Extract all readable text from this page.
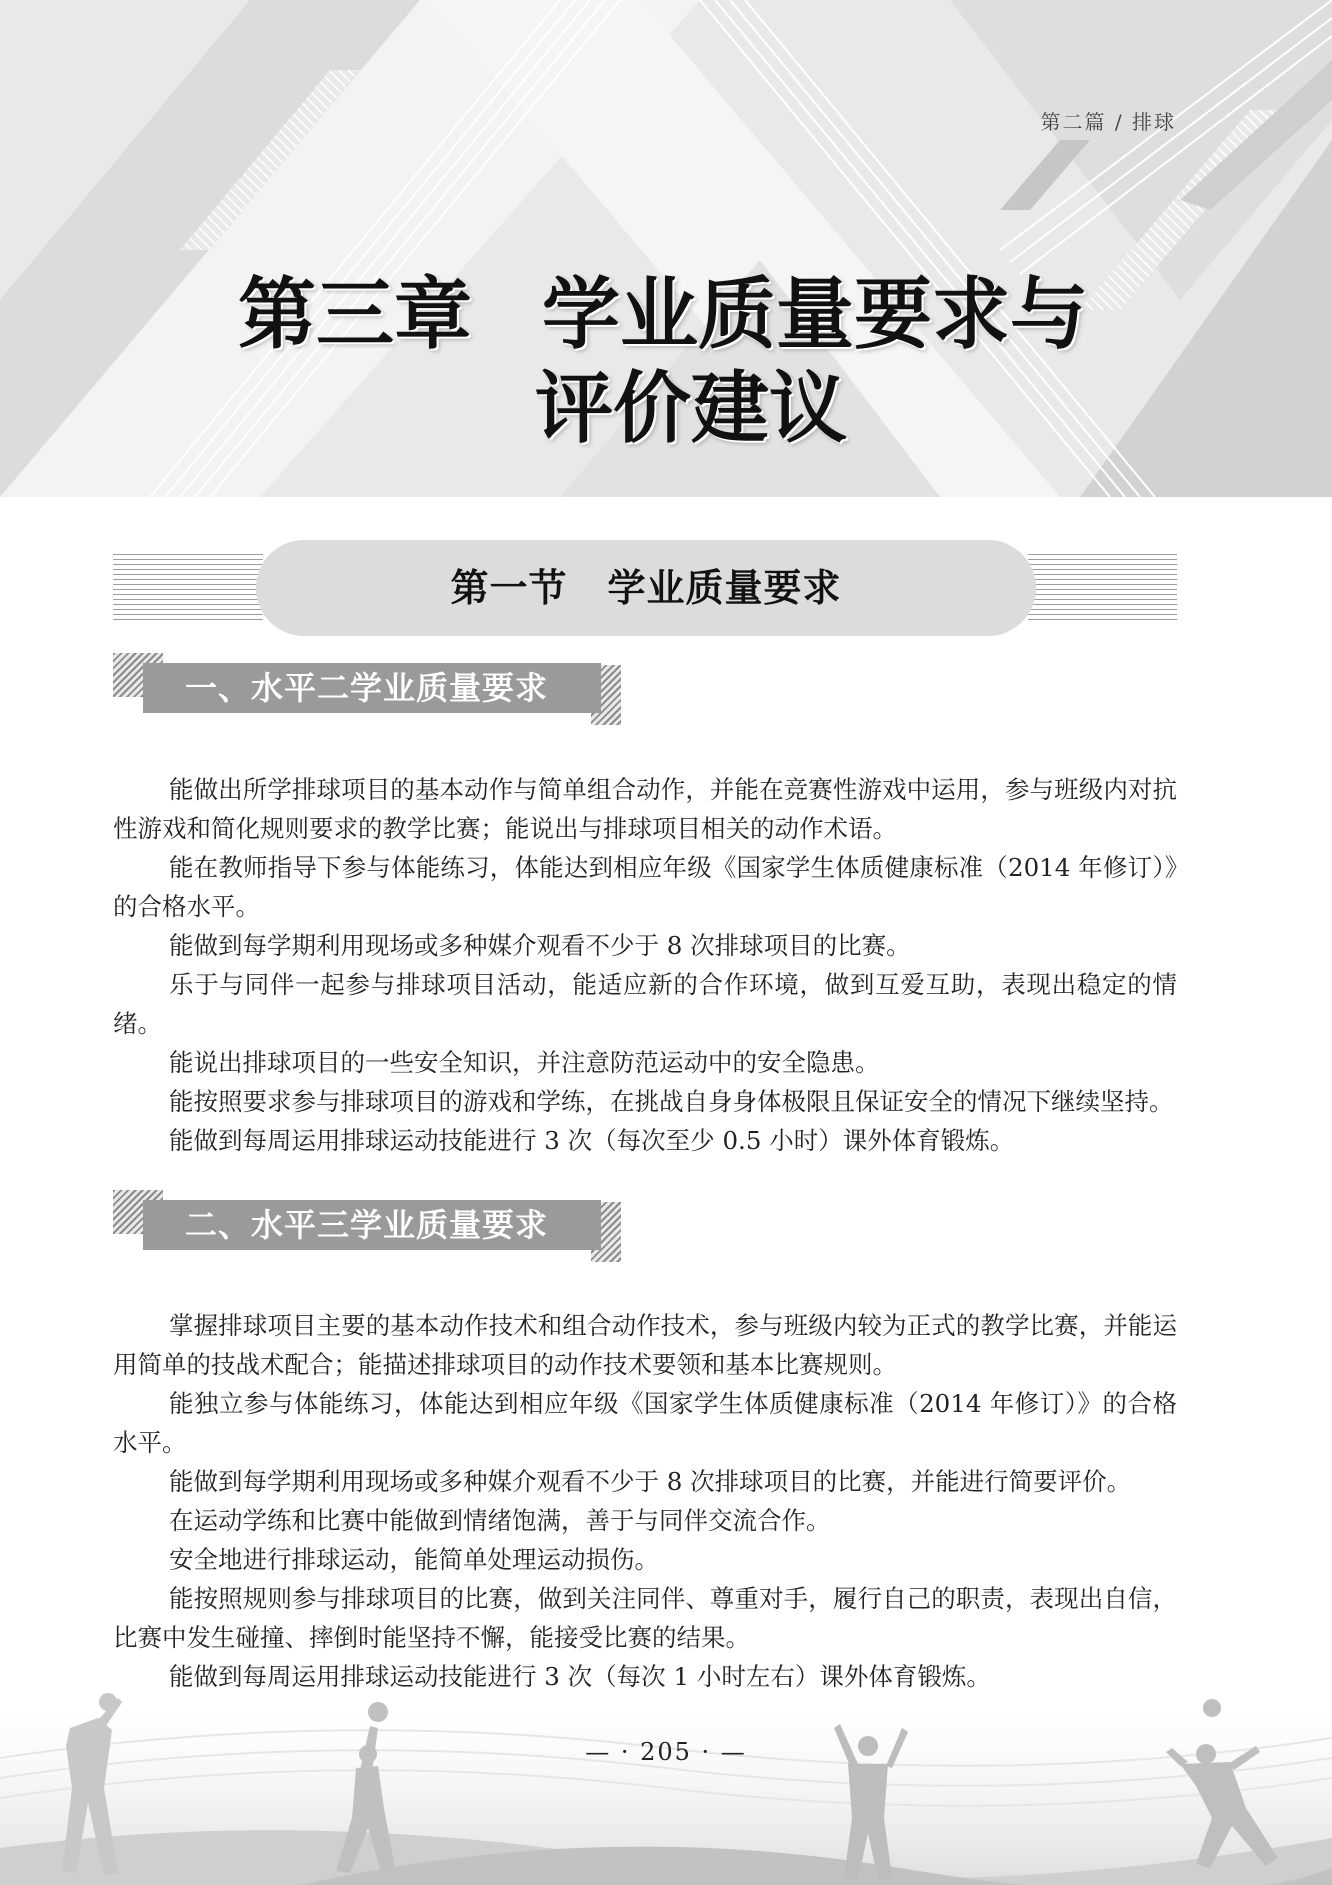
第二篇 / 排球
第三章 学业质量要求与
评价建议
第一节 学业质量要求
一、水平二学业质量要求

能做出所学排球项目的基本动作与简单组合动作，并能在竞赛性游戏中运用，参与班级内对抗性游戏和简化规则要求的教学比赛；能说出与排球项目相关的动作术语。

能在教师指导下参与体能练习，体能达到相应年级《国家学生体质健康标准（2014 年修订）》的合格水平。

能做到每学期利用现场或多种媒介观看不少于 8 次排球项目的比赛。

乐于与同伴一起参与排球项目活动，能适应新的合作环境，做到互爱互助，表现出稳定的情绪。

能说出排球项目的一些安全知识，并注意防范运动中的安全隐患。

能按照要求参与排球项目的游戏和学练，在挑战自身身体极限且保证安全的情况下继续坚持。

能做到每周运用排球运动技能进行 3 次（每次至少 0.5 小时）课外体育锻炼。

二、水平三学业质量要求

掌握排球项目主要的基本动作技术和组合动作技术，参与班级内较为正式的教学比赛，并能运用简单的技战术配合；能描述排球项目的动作技术要领和基本比赛规则。

能独立参与体能练习，体能达到相应年级《国家学生体质健康标准（2014 年修订）》的合格水平。

能做到每学期利用现场或多种媒介观看不少于 8 次排球项目的比赛，并能进行简要评价。

在运动学练和比赛中能做到情绪饱满，善于与同伴交流合作。

安全地进行排球运动，能简单处理运动损伤。

能按照规则参与排球项目的比赛，做到关注同伴、尊重对手，履行自己的职责，表现出自信，比赛中发生碰撞、摔倒时能坚持不懈，能接受比赛的结果。

能做到每周运用排球运动技能进行 3 次（每次 1 小时左右）课外体育锻炼。

— · 205 · —
